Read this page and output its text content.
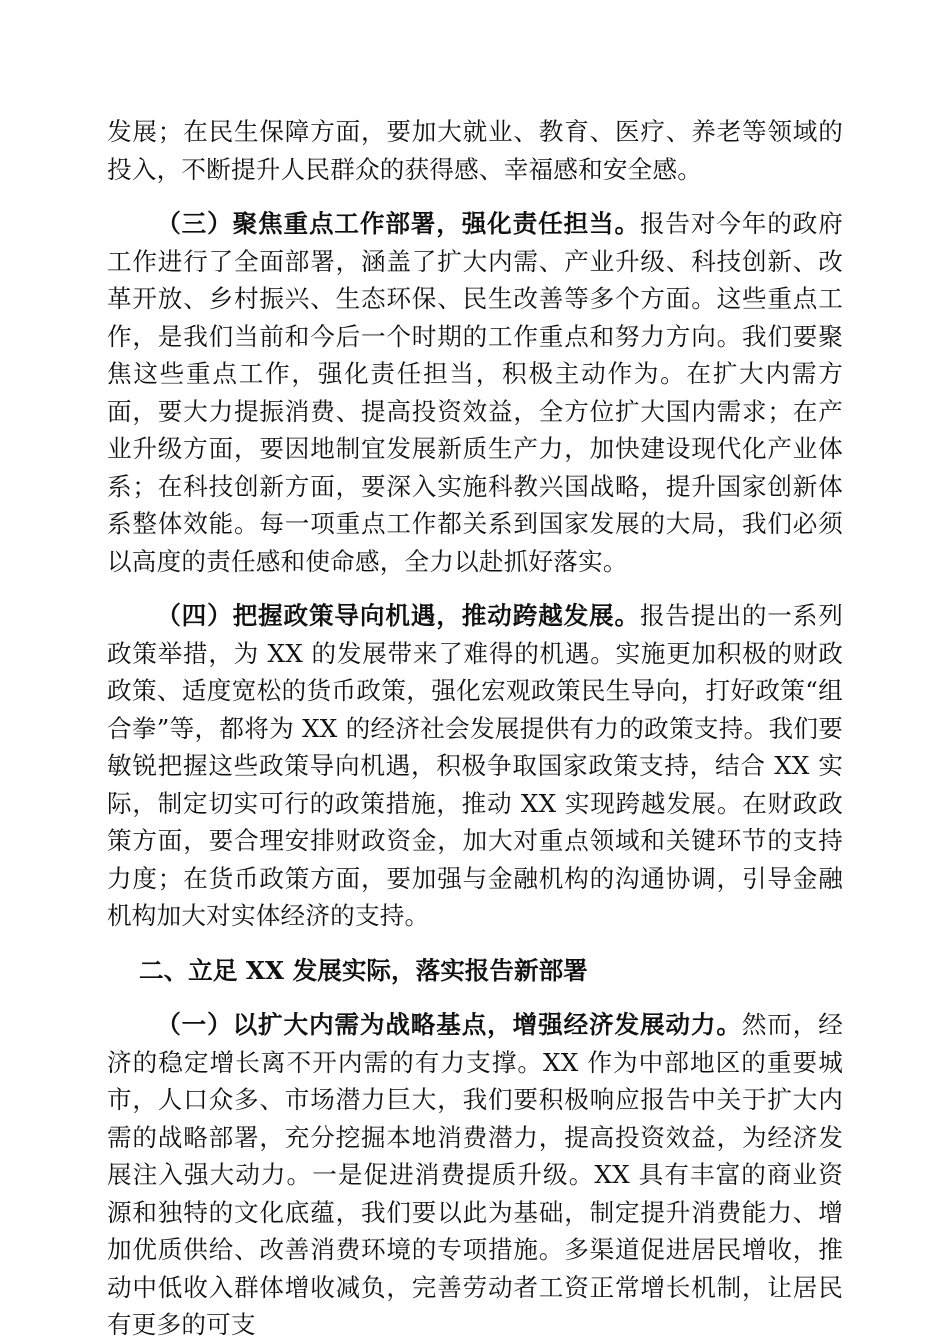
发展；在民生保障方面，要加大就业、教育、医疗、养老等领域的投入，不断提升人民群众的获得感、幸福感和安全感。

（三）聚焦重点工作部署，强化责任担当。报告对今年的政府工作进行了全面部署，涵盖了扩大内需、产业升级、科技创新、改革开放、乡村振兴、生态环保、民生改善等多个方面。这些重点工作，是我们当前和今后一个时期的工作重点和努力方向。我们要聚焦这些重点工作，强化责任担当，积极主动作为。在扩大内需方面，要大力提振消费、提高投资效益，全方位扩大国内需求；在产业升级方面，要因地制宜发展新质生产力，加快建设现代化产业体系；在科技创新方面，要深入实施科教兴国战略，提升国家创新体系整体效能。每一项重点工作都关系到国家发展的大局，我们必须以高度的责任感和使命感，全力以赴抓好落实。

（四）把握政策导向机遇，推动跨越发展。报告提出的一系列政策举措，为 XX 的发展带来了难得的机遇。实施更加积极的财政政策、适度宽松的货币政策，强化宏观政策民生导向，打好政策“组合拳”等，都将为 XX 的经济社会发展提供有力的政策支持。我们要敏锐把握这些政策导向机遇，积极争取国家政策支持，结合 XX 实际，制定切实可行的政策措施，推动 XX 实现跨越发展。在财政政策方面，要合理安排财政资金，加大对重点领域和关键环节的支持力度；在货币政策方面，要加强与金融机构的沟通协调，引导金融机构加大对实体经济的支持。

二、立足 XX 发展实际，落实报告新部署

（一）以扩大内需为战略基点，增强经济发展动力。然而，经济的稳定增长离不开内需的有力支撑。XX 作为中部地区的重要城市，人口众多、市场潜力巨大，我们要积极响应报告中关于扩大内需的战略部署，充分挖掘本地消费潜力，提高投资效益，为经济发展注入强大动力。一是促进消费提质升级。XX 具有丰富的商业资源和独特的文化底蕴，我们要以此为基础，制定提升消费能力、增加优质供给、改善消费环境的专项措施。多渠道促进居民增收，推动中低收入群体增收减负，完善劳动者工资正常增长机制，让居民有更多的可支
